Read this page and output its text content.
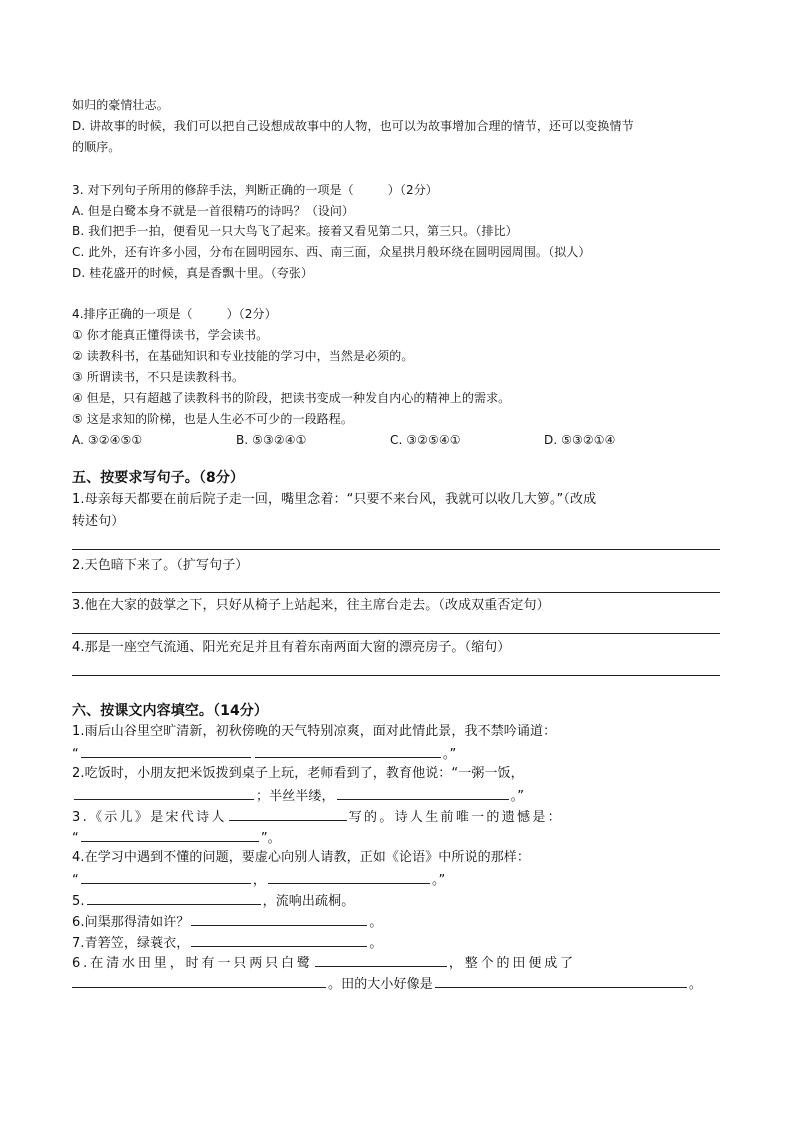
如归的豪情壮志。
D. 讲故事的时候，我们可以把自己设想成故事中的人物，也可以为故事增加合理的情节，还可以变换情节
的顺序。
3. 对下列句子所用的修辞手法，判断正确的一项是（	）（2分）
A. 但是白鹭本身不就是一首很精巧的诗吗？（设问）
B. 我们把手一拍，便看见一只大鸟飞了起来。接着又看见第二只，第三只。（排比）
C. 此外，还有许多小园，分布在圆明园东、西、南三面，众星拱月般环绕在圆明园周围。（拟人）
D. 桂花盛开的时候，真是香飘十里。（夸张）
4.排序正确的一项是（	）（2分）
① 你才能真正懂得读书，学会读书。
② 读教科书，在基础知识和专业技能的学习中，当然是必须的。
③ 所谓读书，不只是读教科书。
④ 但是，只有超越了读教科书的阶段，把读书变成一种发自内心的精神上的需求。
⑤ 这是求知的阶梯，也是人生必不可少的一段路程。
A. ③②④⑤①	B. ⑤③②④①	C. ③②⑤④①	D. ⑤③②①④
五、按要求写句子。（8分）
1.母亲每天都要在前后院子走一回，嘴里念着：“只要不来台风，我就可以收几大箩。”（改成
转述句）
2.天色暗下来了。（扩写句子）
3.他在大家的鼓掌之下，只好从椅子上站起来，往主席台走去。（改成双重否定句）
4.那是一座空气流通、阳光充足并且有着东南两面大窗的漂亮房子。（缩句）
六、按课文内容填空。（14分）
1.雨后山谷里空旷清新，初秋傍晚的天气特别凉爽，面对此情此景，我不禁吟诵道：
“	。”
2.吃饭时，小朋友把米饭拨到桌子上玩，老师看到了，教育他说：“一粥一饭，
；半丝半缕，	。”
3.《示儿》是宋代诗人	写的。诗人生前唯一的遗憾是：
“	”。
4.在学习中遇到不懂的问题，要虚心向别人请教，正如《论语》中所说的那样：
“	，	。”
5.	，流响出疏桐。
6.问渠那得清如许？	。
7.青箬笠，绿蓑衣，	。
6.在清水田里，时有一只两只白鹭	，整个的田便成了
。田的大小好像是	。
